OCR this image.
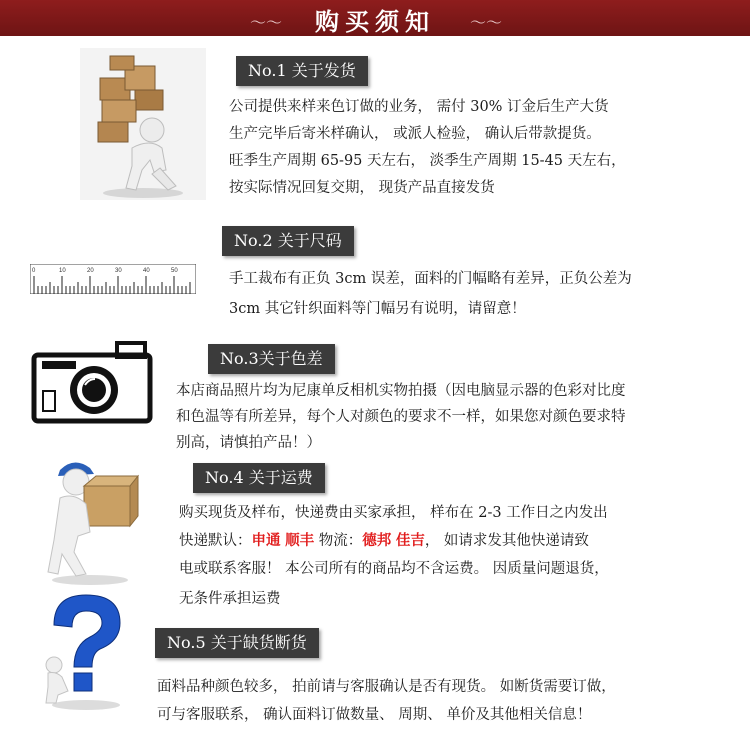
～～	购买须知	～～
No.1 关于发货
公司提供来样来色订做的业务， 需付 30% 订金后生产大货
生产完毕后寄米样确认， 或派人检验， 确认后带款提货。
旺季生产周期 65-95 天左右， 淡季生产周期 15-45 天左右，
按实际情况回复交期， 现货产品直接发货
0	10	20	30	40	50
No.2 关于尺码
手工裁布有正负 3cm 误差，面料的门幅略有差异，正负公差为
3cm 其它针织面料等门幅另有说明，请留意！
No.3关于色差
本店商品照片均为尼康单反相机实物拍摄（因电脑显示器的色彩对比度
和色温等有所差异，每个人对颜色的要求不一样，如果您对颜色要求特
别高，请慎拍产品！）
No.4 关于运费
购买现货及样布，快递费由买家承担， 样布在 2-3 工作日之内发出
快递默认：申通 顺丰 物流：德邦 佳吉， 如请求发其他快递请致
电或联系客服！ 本公司所有的商品均不含运费。 因质量问题退货，
无条件承担运费
No.5 关于缺货断货
面料品种颜色较多， 拍前请与客服确认是否有现货。 如断货需要订做，
可与客服联系， 确认面料订做数量、 周期、 单价及其他相关信息！
